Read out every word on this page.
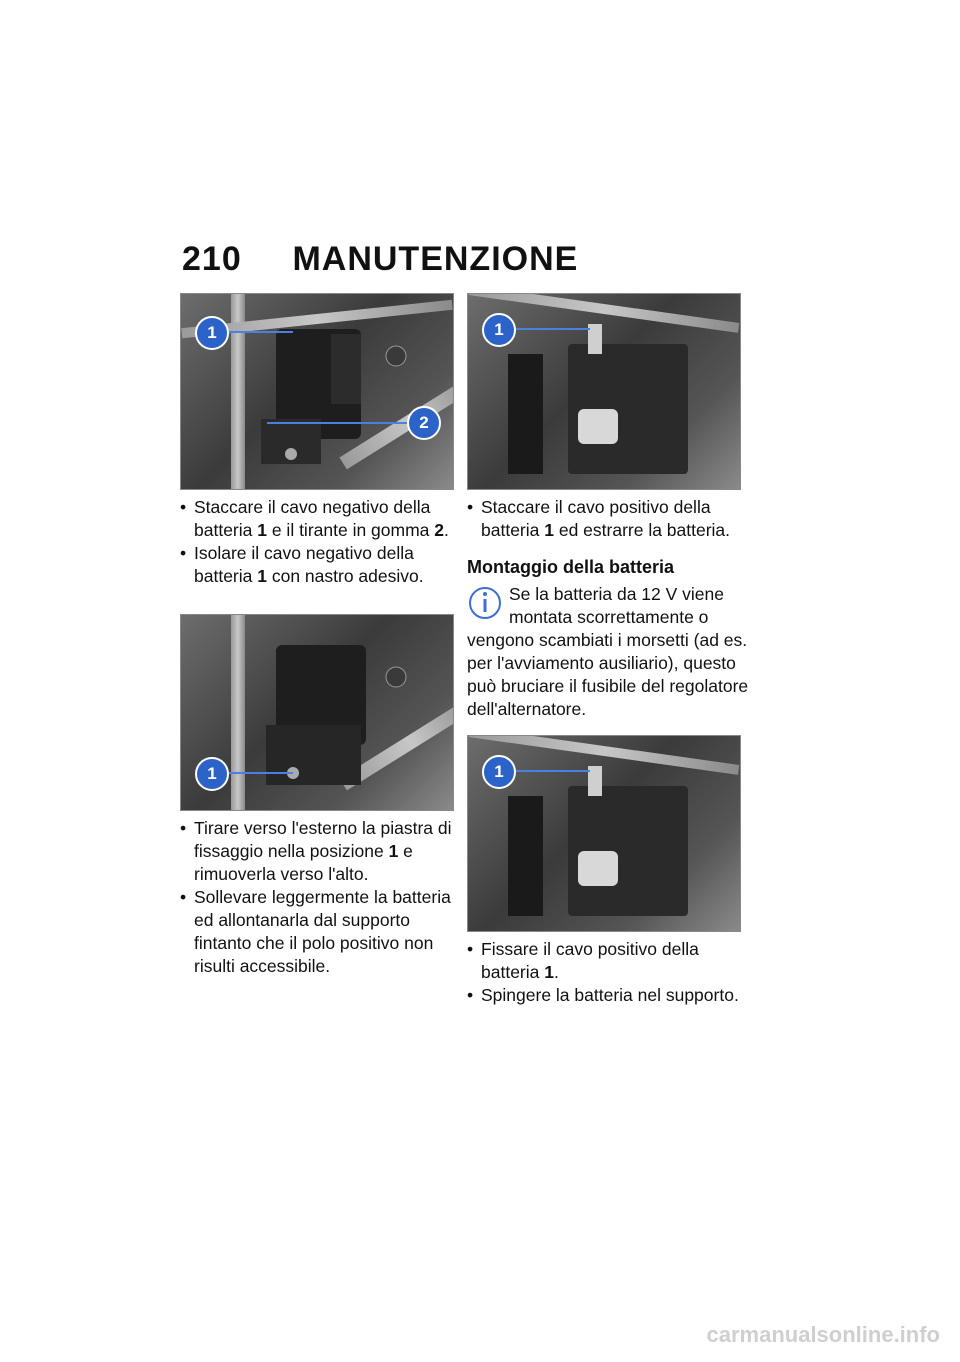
210 MANUTENZIONE
1
2
• Staccare il cavo negativo della batteria 1 e il tirante in gomma 2.
• Isolare il cavo negativo della batteria 1 con nastro adesivo.
1
• Tirare verso l'esterno la piastra di fissaggio nella posizione 1 e rimuoverla verso l'alto.
• Sollevare leggermente la batteria ed allontanarla dal supporto fintanto che il polo positivo non risulti accessibile.
1
• Staccare il cavo positivo della batteria 1 ed estrarre la batteria.
Montaggio della batteria
Se la batteria da 12 V viene montata scorrettamente o vengono scambiati i morsetti (ad es. per l'avviamento ausiliario), questo può bruciare il fusibile del regolatore dell'alternatore.
1
• Fissare il cavo positivo della batteria 1.
• Spingere la batteria nel supporto.
carmanualsonline.info
